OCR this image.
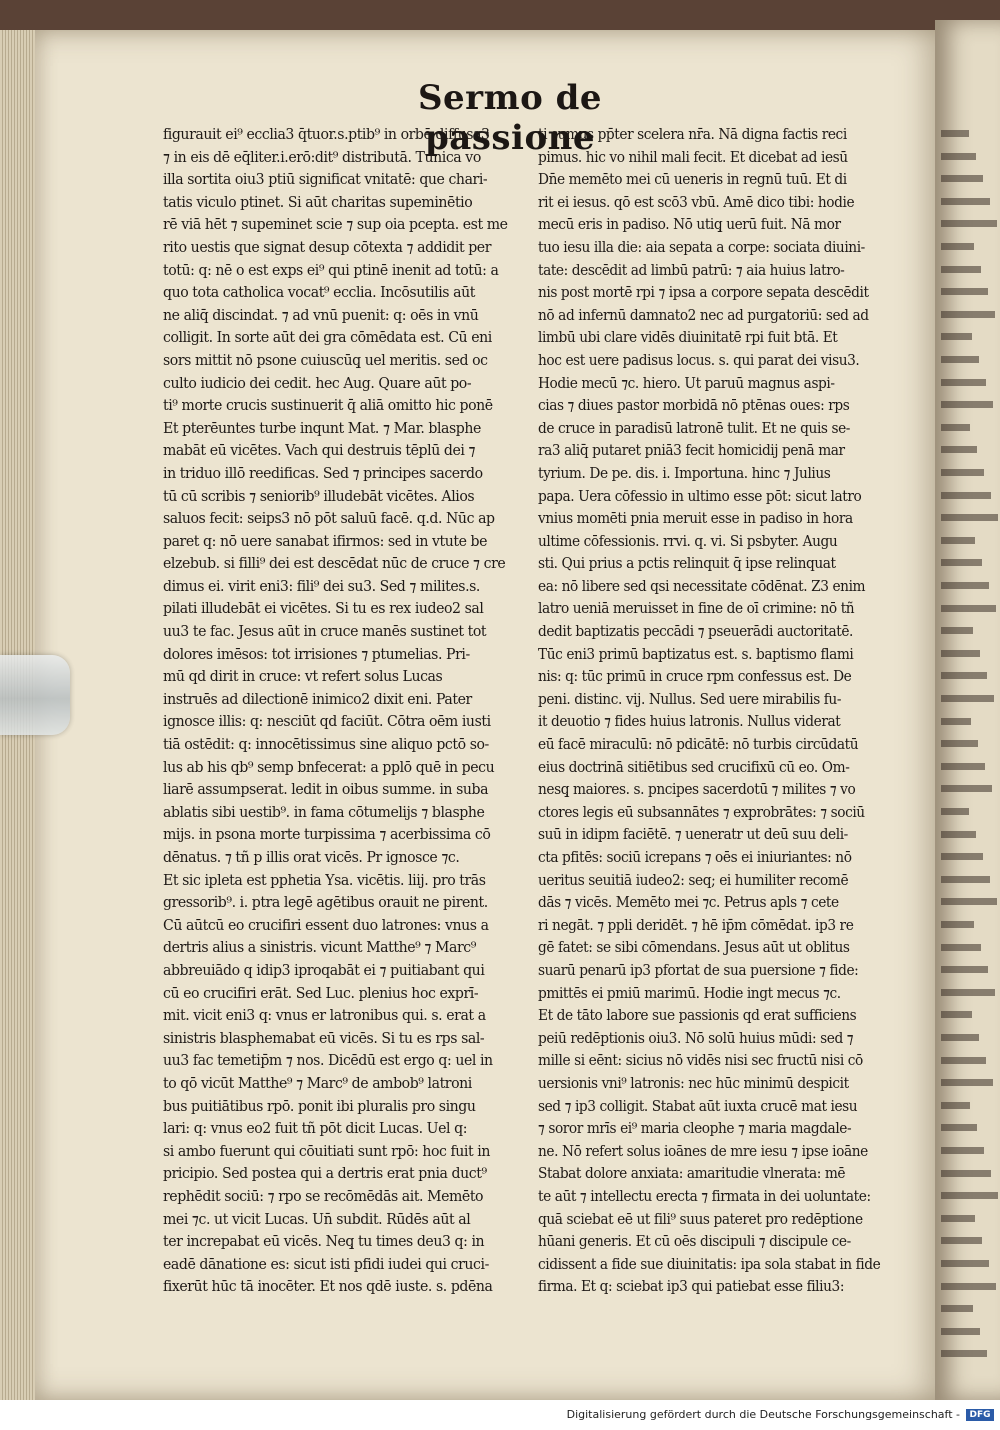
Sermo de passione
figurauit ei⁹ ecclia3 q̄tuor.s.ptib⁹ in orbē diffusa3
⁊ in eis dē eq̄liter.i.erō:dit⁹ distributā. Tunica vo
illa sortita oiu3 ptiū significat vnitatē: que chari-
tatis viculo ptinet. Si aūt charitas supeminētio
rē viā hēt ⁊ supeminet scie ⁊ sup oia pcepta. est me
rito uestis que signat desup cōtexta ⁊ addidit per
totū: q: nē o est exps ei⁹ qui ptinē inenit ad totū: a
quo tota catholica vocat⁹ ecclia. Incōsutilis aūt
ne aliq̄ discindat. ⁊ ad vnū puenit: q: oēs in vnū
colligit. In sorte aūt dei gra cōmēdata est. Cū eni
sors mittit nō psone cuiuscūq̧ uel meritis. sed oc
culto iudicio dei cedit. hec Aug. Quare aūt po-
ti⁹ morte crucis sustinuerit q̄ aliā omitto hic ponē
Et pterēuntes turbe inqunt Mat. ⁊ Mar. blasphe
mabāt eū vicētes. Vach qui destruis tēplū dei ⁊
in triduo illō reedificas. Sed ⁊ principes sacerdo
tū cū scribis ⁊ seniorib⁹ illudebāt vicētes. Alios
saluos fecit: seips3 nō pōt saluū facē. q.d. Nūc ap
paret q: nō uere sanabat ifirmos: sed in vtute be
elzebub. si filli⁹ dei est descēdat nūc de cruce ⁊ cre
dimus ei. virit eni3: fili⁹ dei su3. Sed ⁊ milites.s.
pilati illudebāt ei vicētes. Si tu es rex iudeo2 sal
uu3 te fac. Jesus aūt in cruce manēs sustinet tot
dolores imēsos: tot irrisiones ⁊ ptumelias. Pri-
mū qd dirit in cruce: vt refert solus Lucas
instruēs ad dilectionē inimico2 dixit eni. Pater
ignosce illis: q: nesciūt qd faciūt. Cōtra oēm iusti
tiā ostēdit: q: innocētissimus sine aliquo pctō so-
lus ab his qb⁹ semp bnfecerat: a pplō quē in pecu
liarē assumpserat. ledit in oibus summe. in suba
ablatis sibi uestib⁹. in fama cōtumelijs ⁊ blasphe
mijs. in psona morte turpissima ⁊ acerbissima cō
dēnatus. ⁊ tñ p illis orat vicēs. Pr ignosce ⁊c.
Et sic ipleta est pphetia Ysa. vicētis. liij. pro trās
gressorib⁹. i. ptra legē agētibus orauit ne pirent.
Cū aūtcū eo crucifiri essent duo latrones: vnus a
dertris alius a sinistris. vicunt Matthe⁹ ⁊ Marc⁹
abbreuiādo q idip3 iproqabāt ei ⁊ puitiabant qui
cū eo crucifiri erāt. Sed Luc. plenius hoc exprī-
mit. vicit eni3 q: vnus er latronibus qui. s. erat a
sinistris blasphemabat eū vicēs. Si tu es rps sal-
uu3 fac temetip̄m ⁊ nos. Dicēdū est ergo q: uel in
to qō vicūt Matthe⁹ ⁊ Marc⁹ de ambob⁹ latroni
bus puitiātibus rpō. ponit ibi pluralis pro singu
lari: q: vnus eo2 fuit tñ pōt dicit Lucas. Uel q:
si ambo fuerunt qui cōuitiati sunt rpō: hoc fuit in
pricipio. Sed postea qui a dertris erat pnia duct⁹
rephēdit sociū: ⁊ rpo se recōmēdās ait. Memēto
mei ⁊c. ut vicit Lucas. Un̄ subdit. Rūdēs aūt al
ter increpabat eū vicēs. Neq̧ tu times deu3 q: in
eadē dānatione es: sicut isti pfidi iudei qui cruci-
fixerūt hūc tā inocēter. Et nos qdē iuste. s. pdēna
ti sumus pp̄ter scelera nr̄a. Nā digna factis reci
pimus. hic vo nihil mali fecit. Et dicebat ad iesū
Dn̄e memēto mei cū ueneris in regnū tuū. Et di
rit ei iesus. qō est scō3 vbū. Amē dico tibi: hodie
mecū eris in padiso. Nō utiq̧ uerū fuit. Nā mor
tuo iesu illa die: aia sepata a corpe: sociata diuini-
tate: descēdit ad limbū patrū: ⁊ aia huius latro-
nis post mortē rpi ⁊ ipsa a corpore sepata descēdit
nō ad infernū damnato2 nec ad purgatoriū: sed ad
limbū ubi clare vidēs diuinitatē rpi fuit btā. Et
hoc est uere padisus locus. s. qui parat dei visu3.
Hodie mecū ⁊c. hiero. Ut paruū magnus aspi-
cias ⁊ diues pastor morbidā nō ptēnas oues: rps
de cruce in paradisū latronē tulit. Et ne quis se-
ra3 aliq̄ putaret pniā3 fecit homicidij penā mar
tyrium. De pe. dis. i. Importuna. hinc ⁊ Julius
papa. Uera cōfessio in ultimo esse pōt: sicut latro
vnius momēti pnia meruit esse in padiso in hora
ultime cōfessionis. rrvi. q. vi. Si psbyter. Augu
sti. Qui prius a pctis relinquit q̄ ipse relinquat
ea: nō libere sed qsi necessitate cōdēnat. Z3 enim
latro ueniā meruisset in fine de oī crimine: nō tñ
dedit baptizatis peccādi ⁊ pseuerādi auctoritatē.
Tūc eni3 primū baptizatus est. s. baptismo flami
nis: q: tūc primū in cruce rpm confessus est. De
peni. distinc. vij. Nullus. Sed uere mirabilis fu-
it deuotio ⁊ fides huius latronis. Nullus viderat
eū facē miraculū: nō pdicātē: nō turbis circūdatū
eius doctrinā sitiētibus sed crucifixū cū eo. Om-
nesq̧ maiores. s. pncipes sacerdotū ⁊ milites ⁊ vo
ctores legis eū subsannātes ⁊ exprobrātes: ⁊ sociū
suū in idipm faciētē. ⁊ ueneratr ut deū suu deli-
cta pfitēs: sociū icrepans ⁊ oēs ei iniuriantes: nō
ueritus seuitiā iudeo2: seq; ei humiliter recomē
dās ⁊ vicēs. Memēto mei ⁊c. Petrus apls ⁊ cete
ri negāt. ⁊ ppli deridēt. ⁊ hē ip̄m cōmēdat. ip3 re
gē fatet: se sibi cōmendans. Jesus aūt ut oblitus
suarū penarū ip3 pfortat de sua puersione ⁊ fide:
pmittēs ei pmiū marimū. Hodie ingt mecus ⁊c.
Et de tāto labore sue passionis qd erat sufficiens
peiū redēptionis oiu3. Nō solū huius mūdi: sed ⁊
mille si eēnt: sicius nō vidēs nisi sec fructū nisi cō
uersionis vni⁹ latronis: nec hūc minimū despicit
sed ⁊ ip3 colligit. Stabat aūt iuxta crucē mat iesu
⁊ soror mrīs ei⁹ maria cleophe ⁊ maria magdale-
ne. Nō refert solus ioānes de mre iesu ⁊ ipse ioāne
Stabat dolore anxiata: amaritudie vlnerata: mē
te aūt ⁊ intellectu erecta ⁊ firmata in dei uoluntate:
quā sciebat eē ut fili⁹ suus pateret pro redēptione
hūani generis. Et cū oēs discipuli ⁊ discipule ce-
cidissent a fide sue diuinitatis: ipa sola stabat in fide
firma. Et q: sciebat ip3 qui patiebat esse filiu3:
Digitalisierung gefördert durch die Deutsche Forschungsgemeinschaft -	DFG
